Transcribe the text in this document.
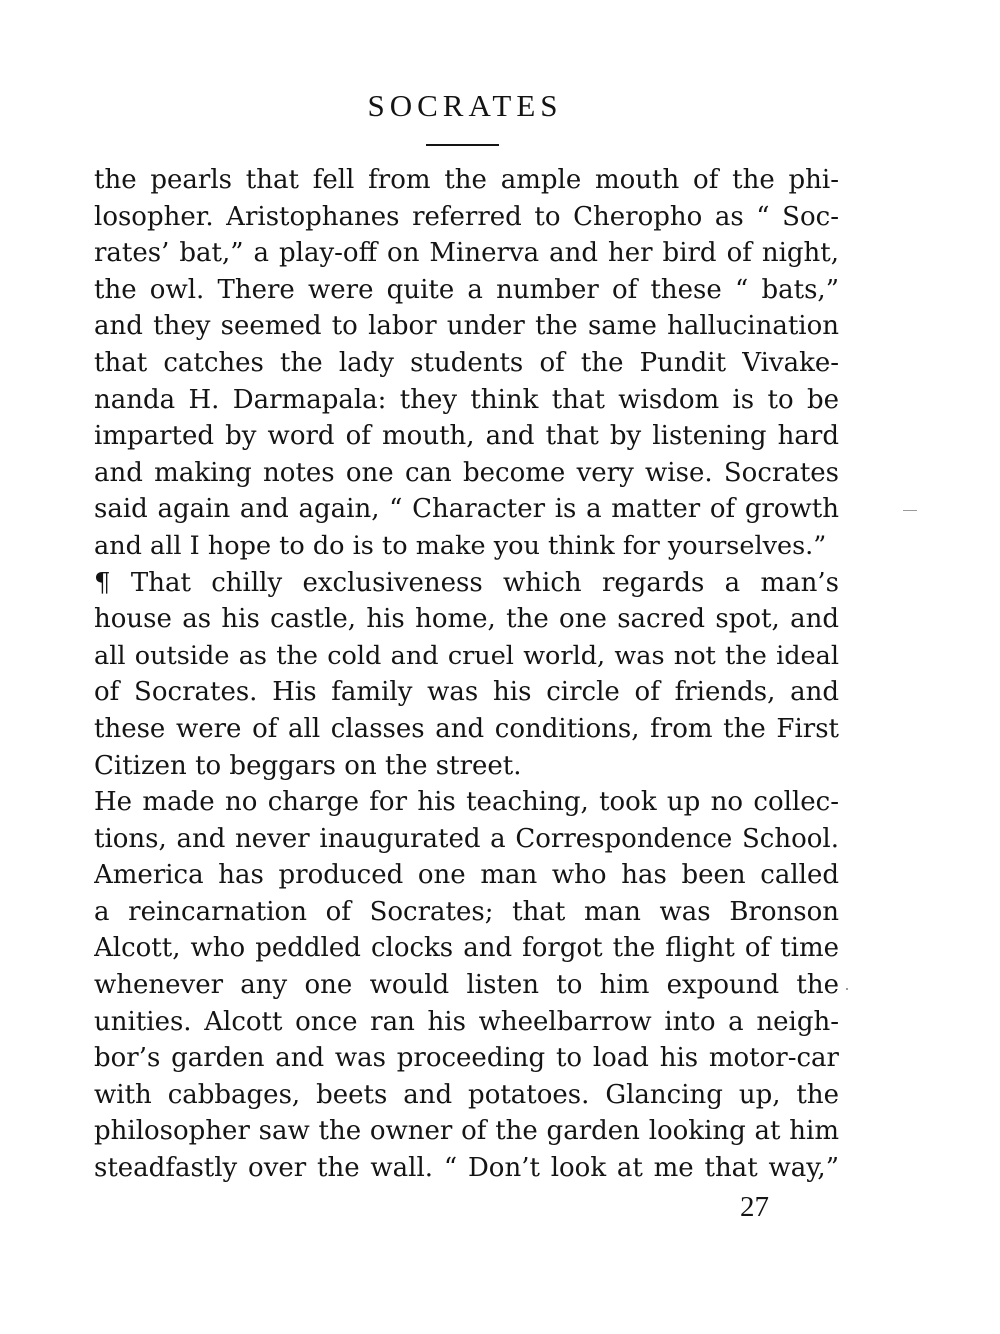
SOCRATES
the pearls that fell from the ample mouth of the phi-
losopher. Aristophanes referred to Cheropho as “ Soc-
rates’ bat,” a play-off on Minerva and her bird of night,
the owl. There were quite a number of these “ bats,”
and they seemed to labor under the same hallucination
that catches the lady students of the Pundit Vivake-
nanda H. Darmapala: they think that wisdom is to be
imparted by word of mouth, and that by listening hard
and making notes one can become very wise. Socrates
said again and again, “ Character is a matter of growth
and all I hope to do is to make you think for yourselves.”
¶ That chilly exclusiveness which regards a man’s
house as his castle, his home, the one sacred spot, and
all outside as the cold and cruel world, was not the ideal
of Socrates. His family was his circle of friends, and
these were of all classes and conditions, from the First
Citizen to beggars on the street.
He made no charge for his teaching, took up no collec-
tions, and never inaugurated a Correspondence School.
America has produced one man who has been called
a reincarnation of Socrates; that man was Bronson
Alcott, who peddled clocks and forgot the flight of time
whenever any one would listen to him expound the
unities. Alcott once ran his wheelbarrow into a neigh-
bor’s garden and was proceeding to load his motor-car
with cabbages, beets and potatoes. Glancing up, the
philosopher saw the owner of the garden looking at him
steadfastly over the wall. “ Don’t look at me that way,”
27
